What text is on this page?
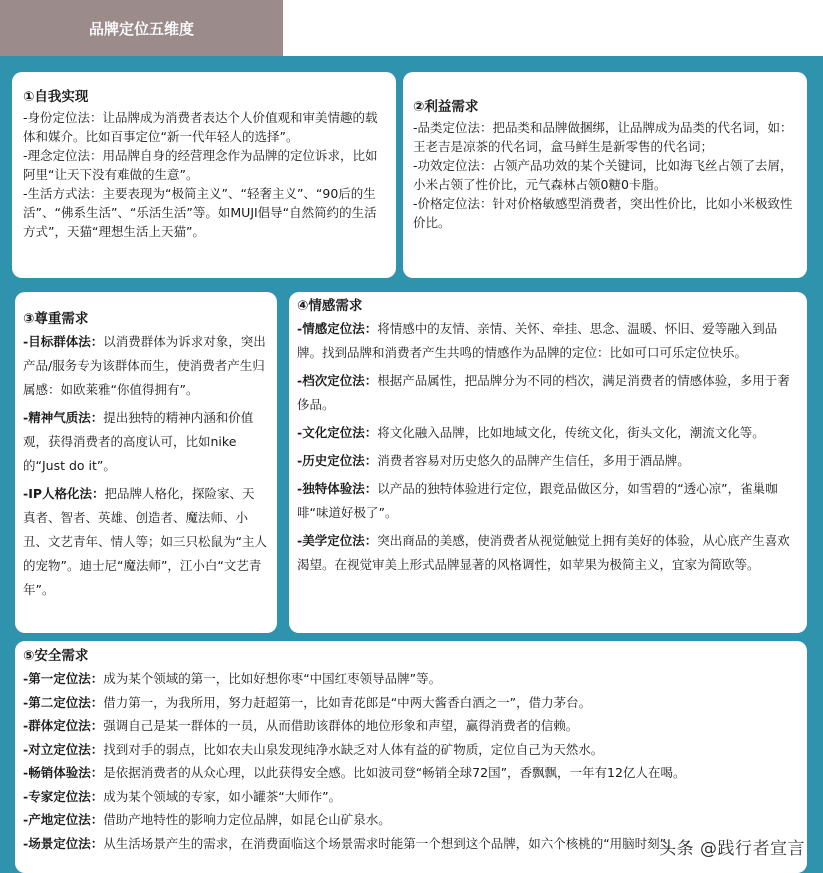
品牌定位五维度
①自我实现

-身份定位法：让品牌成为消费者表达个人价值观和审美情趣的载体和媒介。比如百事定位“新一代年轻人的选择”。

-理念定位法：用品牌自身的经营理念作为品牌的定位诉求，比如阿里“让天下没有难做的生意”。

-生活方式法：主要表现为“极简主义”、“轻奢主义”、“90后的生活”、“佛系生活”、“乐活生活”等。如MUJI倡导“自然简约的生活方式”，天猫“理想生活上天猫”。

②利益需求

-品类定位法：把品类和品牌做捆绑，让品牌成为品类的代名词，如：王老吉是凉茶的代名词，盒马鲜生是新零售的代名词；

-功效定位法：占领产品功效的某个关键词，比如海飞丝占领了去屑，小米占领了性价比，元气森林占领0糖0卡脂。

-价格定位法：针对价格敏感型消费者，突出性价比，比如小米极致性价比。

③尊重需求

-目标群体法：以消费群体为诉求对象，突出产品/服务专为该群体而生，使消费者产生归属感：如欧莱雅“你值得拥有”。

-精神气质法：提出独特的精神内涵和价值观，获得消费者的高度认可，比如nike的“Just do it”。

-IP人格化法：把品牌人格化，探险家、天真者、智者、英雄、创造者、魔法师、小丑、文艺青年、情人等；如三只松鼠为“主人的宠物”。迪士尼“魔法师”，江小白“文艺青年”。

④情感需求

-情感定位法：将情感中的友情、亲情、关怀、牵挂、思念、温暖、怀旧、爱等融入到品牌。找到品牌和消费者产生共鸣的情感作为品牌的定位：比如可口可乐定位快乐。

-档次定位法：根据产品属性，把品牌分为不同的档次，满足消费者的情感体验，多用于奢侈品。

-文化定位法：将文化融入品牌，比如地域文化，传统文化，街头文化，潮流文化等。

-历史定位法：消费者容易对历史悠久的品牌产生信任，多用于酒品牌。

-独特体验法：以产品的独特体验进行定位，跟竞品做区分，如雪碧的“透心凉”，雀巢咖啡“味道好极了”。

-美学定位法：突出商品的美感，使消费者从视觉触觉上拥有美好的体验，从心底产生喜欢渴望。在视觉审美上形式品牌显著的风格调性，如苹果为极简主义，宜家为简欧等。

⑤安全需求

-第一定位法：成为某个领域的第一，比如好想你枣“中国红枣领导品牌”等。

-第二定位法：借力第一，为我所用，努力赶超第一，比如青花郎是“中两大酱香白酒之一”，借力茅台。

-群体定位法：强调自己是某一群体的一员，从而借助该群体的地位形象和声望，赢得消费者的信赖。

-对立定位法：找到对手的弱点，比如农夫山泉发现纯净水缺乏对人体有益的矿物质，定位自己为天然水。

-畅销体验法：是依据消费者的从众心理，以此获得安全感。比如波司登“畅销全球72国”，香飘飘，一年有12亿人在喝。

-专家定位法：成为某个领域的专家，如小罐茶“大师作”。

-产地定位法：借助产地特性的影响力定位品牌，如昆仑山矿泉水。

-场景定位法：从生活场景产生的需求，在消费面临这个场景需求时能第一个想到这个品牌，如六个核桃的“用脑时刻”。

头条 @践行者宣言
